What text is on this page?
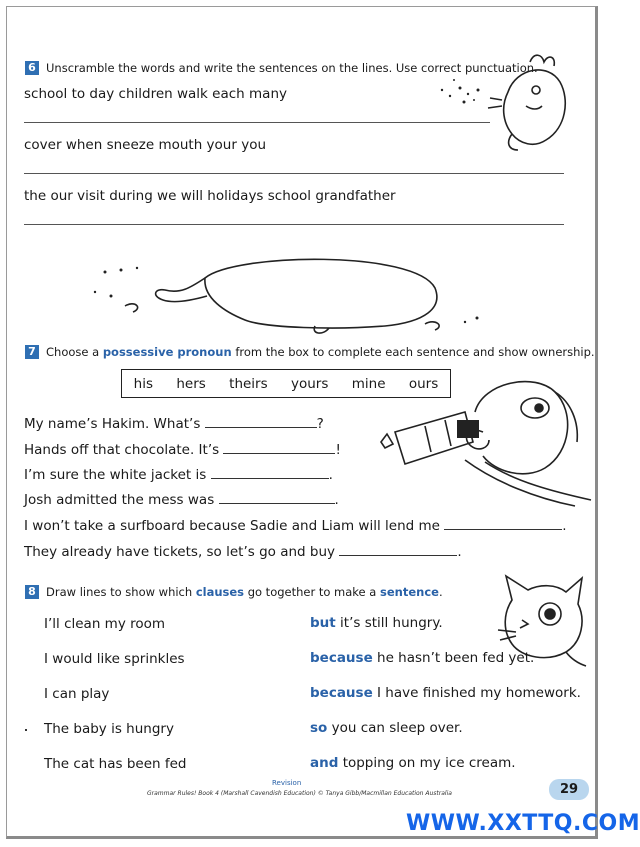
6 Unscramble the words and write the sentences on the lines. Use correct punctuation.
school to day children walk each many
cover when sneeze mouth your you
the our visit during we will holidays school grandfather
7 Choose a possessive pronoun from the box to complete each sentence and show ownership.
his hers theirs yours mine ours
My name’s Hakim. What’s	?
Hands off that chocolate. It’s	!
I’m sure the white jacket is	.
Josh admitted the mess was	.
I won’t take a surfboard because Sadie and Liam will lend me	.
They already have tickets, so let’s go and buy	.
8 Draw lines to show which clauses go together to make a sentence.
I’ll clean my room
I would like sprinkles
I can play
The baby is hungry
The cat has been fed
but it’s still hungry.
because he hasn’t been fed yet.
because I have finished my homework.
so you can sleep over.
and topping on my ice cream.
Revision
Grammar Rules! Book 4 (Marshall Cavendish Education) © Tanya Gibb/Macmillan Education Australia	29
WWW.XXTTQ.COM
